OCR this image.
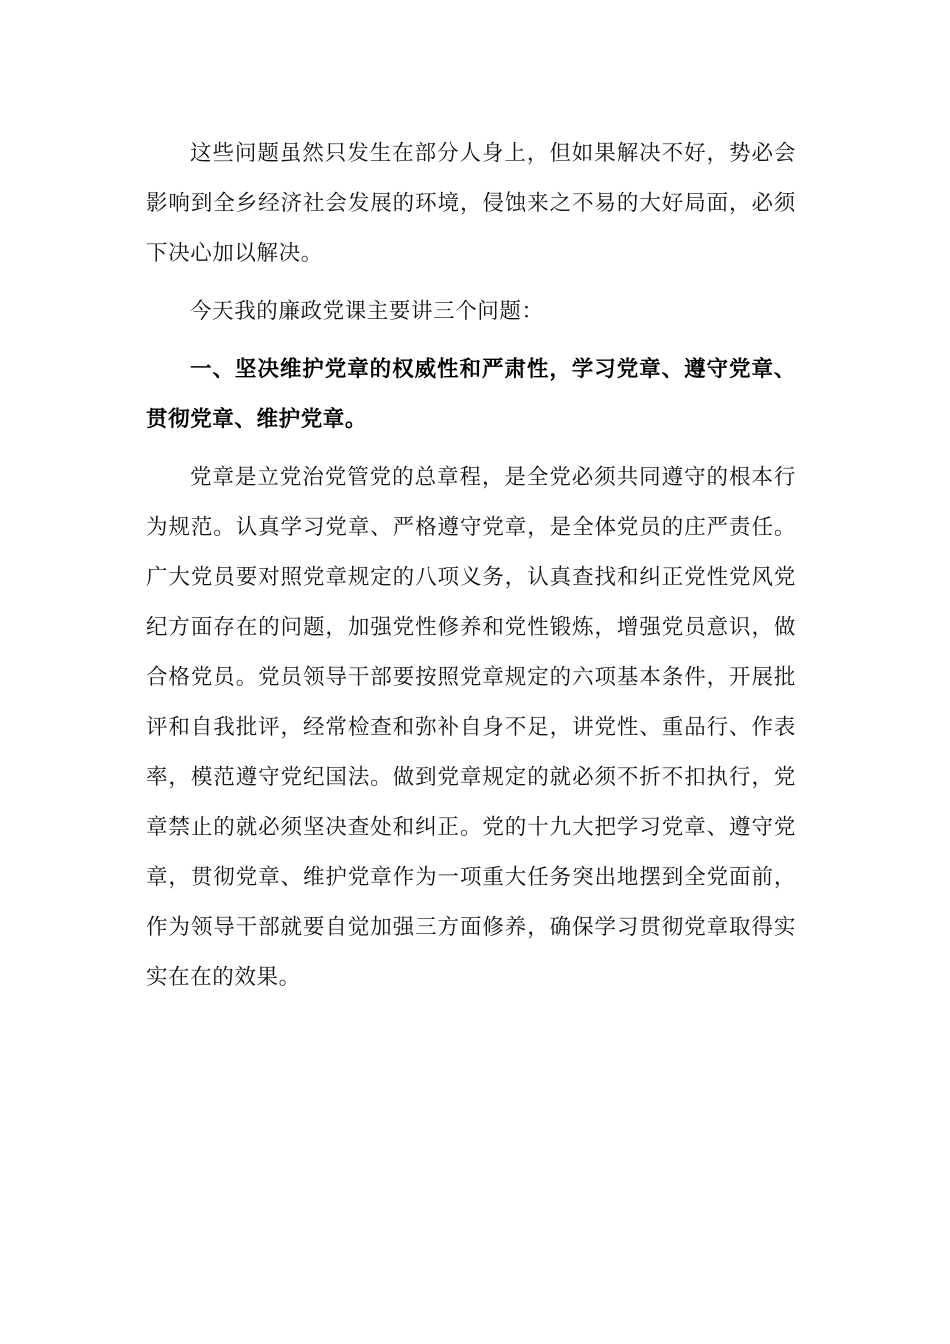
这些问题虽然只发生在部分人身上，但如果解决不好，势必会
影响到全乡经济社会发展的环境，侵蚀来之不易的大好局面，必须
下决心加以解决。
今天我的廉政党课主要讲三个问题：
一、坚决维护党章的权威性和严肃性，学习党章、遵守党章、
贯彻党章、维护党章。
党章是立党治党管党的总章程，是全党必须共同遵守的根本行
为规范。认真学习党章、严格遵守党章，是全体党员的庄严责任。
广大党员要对照党章规定的八项义务，认真查找和纠正党性党风党
纪方面存在的问题，加强党性修养和党性锻炼，增强党员意识，做
合格党员。党员领导干部要按照党章规定的六项基本条件，开展批
评和自我批评，经常检查和弥补自身不足，讲党性、重品行、作表
率，模范遵守党纪国法。做到党章规定的就必须不折不扣执行，党
章禁止的就必须坚决查处和纠正。党的十九大把学习党章、遵守党
章，贯彻党章、维护党章作为一项重大任务突出地摆到全党面前，
作为领导干部就要自觉加强三方面修养，确保学习贯彻党章取得实
实在在的效果。
